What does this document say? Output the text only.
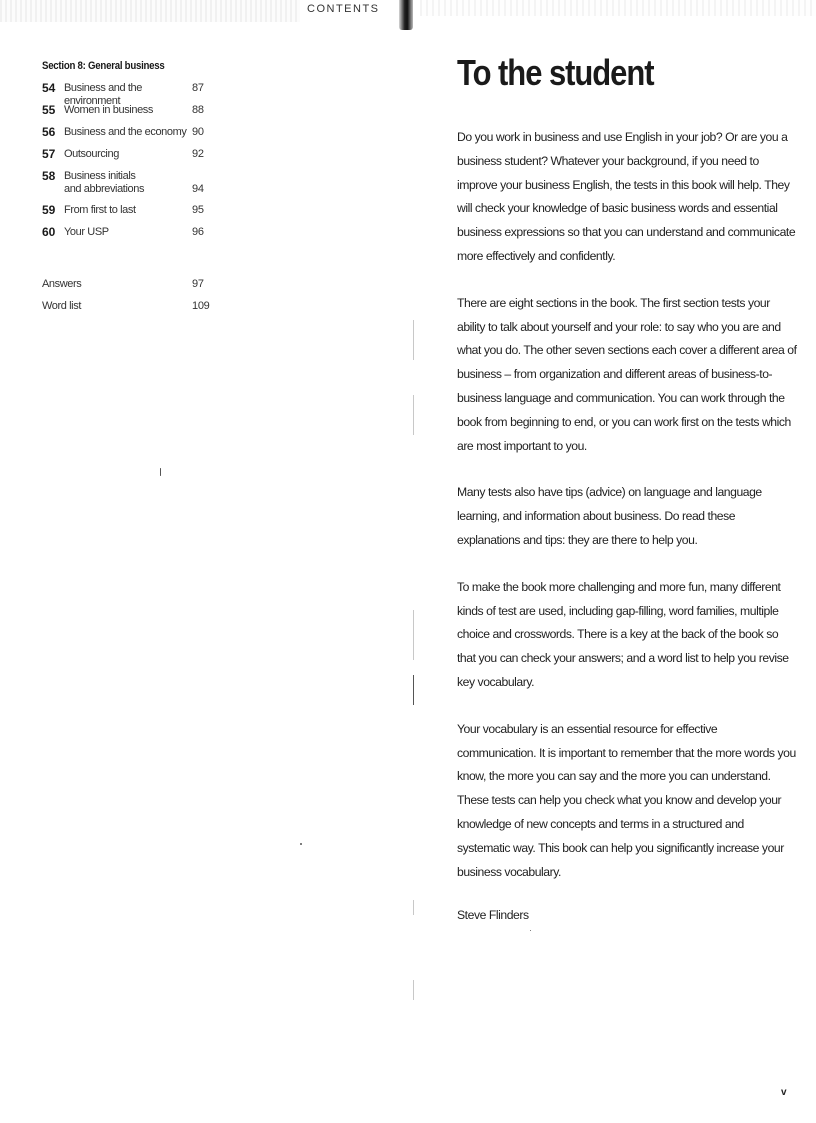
CONTENTS
Section 8: General business
54 Business and the environment
87
55 Women in business	88
56 Business and the economy 90
57 Outsourcing	92
58 Business initials
and abbreviations	94
59 From first to last	95
60 Your USP	96
Answers	97
Word list	109
To the student

Do you work in business and use English in your job? Or are you a business student? Whatever your background, if you need to improve your business English, the tests in this book will help. They will check your knowledge of basic business words and essential business expressions so that you can understand and communicate more effectively and confidently.

There are eight sections in the book. The first section tests your ability to talk about yourself and your role: to say who you are and what you do. The other seven sections each cover a different area of business – from organization and different areas of business-to-business language and communication. You can work through the book from beginning to end, or you can work first on the tests which are most important to you.

Many tests also have tips (advice) on language and language learning, and information about business. Do read these explanations and tips: they are there to help you.

To make the book more challenging and more fun, many different kinds of test are used, including gap-filling, word families, multiple choice and crosswords. There is a key at the back of the book so that you can check your answers; and a word list to help you revise key vocabulary.

Your vocabulary is an essential resource for effective communication. It is important to remember that the more words you know, the more you can say and the more you can understand. These tests can help you check what you know and develop your knowledge of new concepts and terms in a structured and systematic way. This book can help you significantly increase your business vocabulary.

Steve Flinders
v
